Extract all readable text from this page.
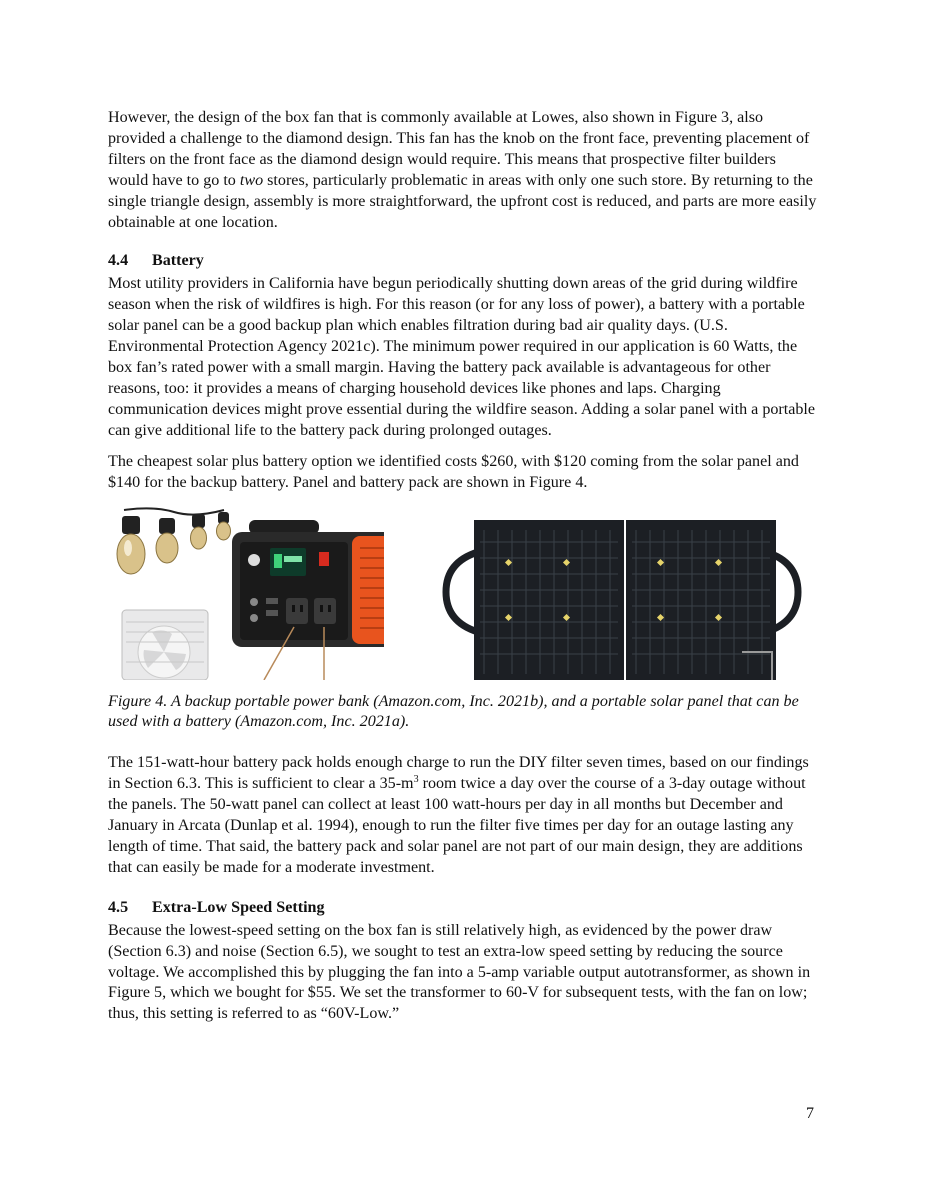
However, the design of the box fan that is commonly available at Lowes, also shown in Figure 3, also provided a challenge to the diamond design. This fan has the knob on the front face, preventing placement of filters on the front face as the diamond design would require. This means that prospective filter builders would have to go to two stores, particularly problematic in areas with only one such store. By returning to the single triangle design, assembly is more straightforward, the upfront cost is reduced, and parts are more easily obtainable at one location.

4.4 Battery

Most utility providers in California have begun periodically shutting down areas of the grid during wildfire season when the risk of wildfires is high. For this reason (or for any loss of power), a battery with a portable solar panel can be a good backup plan which enables filtration during bad air quality days. (U.S. Environmental Protection Agency 2021c). The minimum power required in our application is 60 Watts, the box fan’s rated power with a small margin. Having the battery pack available is advantageous for other reasons, too: it provides a means of charging household devices like phones and laps. Charging communication devices might prove essential during the wildfire season. Adding a solar panel with a portable can give additional life to the battery pack during prolonged outages.

The cheapest solar plus battery option we identified costs $260, with $120 coming from the solar panel and $140 for the backup battery. Panel and battery pack are shown in Figure 4.

Figure 4. A backup portable power bank (Amazon.com, Inc. 2021b), and a portable solar panel that can be used with a battery (Amazon.com, Inc. 2021a).

The 151-watt-hour battery pack holds enough charge to run the DIY filter seven times, based on our findings in Section 6.3. This is sufficient to clear a $35-m^3$ room twice a day over the course of a 3-day outage without the panels. The 50-watt panel can collect at least 100 watt-hours per day in all months but December and January in Arcata (Dunlap et al. 1994), enough to run the filter five times per day for an outage lasting any length of time. That said, the battery pack and solar panel are not part of our main design, they are additions that can easily be made for a moderate investment.

4.5 Extra-Low Speed Setting

Because the lowest-speed setting on the box fan is still relatively high, as evidenced by the power draw (Section 6.3) and noise (Section 6.5), we sought to test an extra-low speed setting by reducing the source voltage. We accomplished this by plugging the fan into a 5-amp variable output autotransformer, as shown in Figure 5, which we bought for $55. We set the transformer to 60-V for subsequent tests, with the fan on low; thus, this setting is referred to as “60V-Low.”

7
